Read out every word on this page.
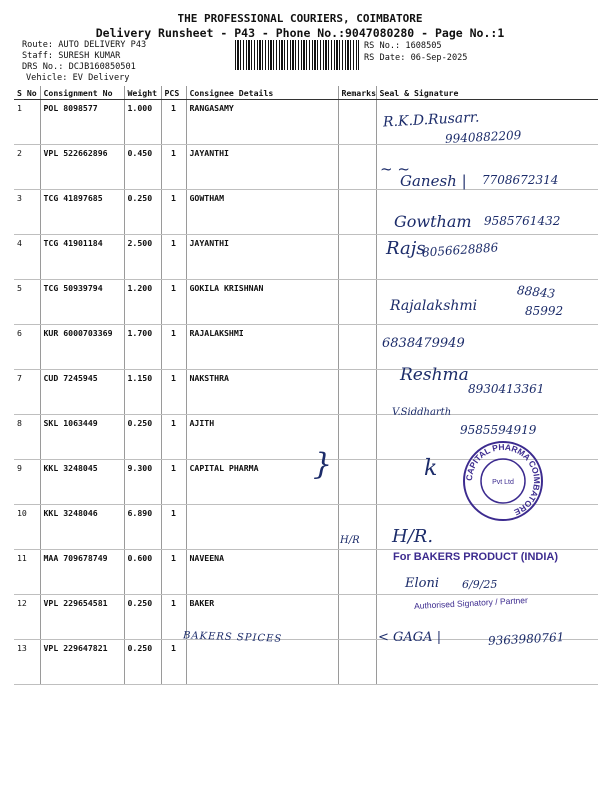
THE PROFESSIONAL COURIERS, COIMBATORE
Delivery Runsheet - P43 - Phone No.:9047080280 - Page No.:1
Route: AUTO DELIVERY P43
Staff: SURESH KUMAR
DRS No.: DCJB160850501
Vehicle: EV Delivery
RS No.: 1608505
RS Date: 06-Sep-2025
S No	Consignment No	Weight	PCS	Consignee Details	Remarks	Seal & Signature
1	POL 8098577	1.000	1	RANGASAMY		
2	VPL 522662896	0.450	1	JAYANTHI		
3	TCG 41897685	0.250	1	GOWTHAM		
4	TCG 41901184	2.500	1	JAYANTHI		
5	TCG 50939794	1.200	1	GOKILA KRISHNAN		
6	KUR 6000703369	1.700	1	RAJALAKSHMI		
7	CUD 7245945	1.150	1	NAKSTHRA		
8	SKL 1063449	0.250	1	AJITH		
9	KKL 3248045	9.300	1	CAPITAL PHARMA		
10	KKL 3248046	6.890	1			
11	MAA 709678749	0.600	1	NAVEENA		
12	VPL 229654581	0.250	1	BAKER		
13	VPL 229647821	0.250	1			
R.K.D.Rusarr.
9940882209
~ ~
Ganesh | 7708672314
Gowtham 9585761432
Rajs
8056628886
88843
Rajalakshmi	85992
6838479949
Reshma
8930413361
V.Siddharth
9585594919
}	k
H/R H/R.
Eloni 6/9/25
BAKERS SPICES	< GAGA |	9363980761
CAPITAL PHARMA COIMBATORE
Pvt Ltd
For BAKERS PRODUCT (INDIA)
Authorised Signatory / Partner
